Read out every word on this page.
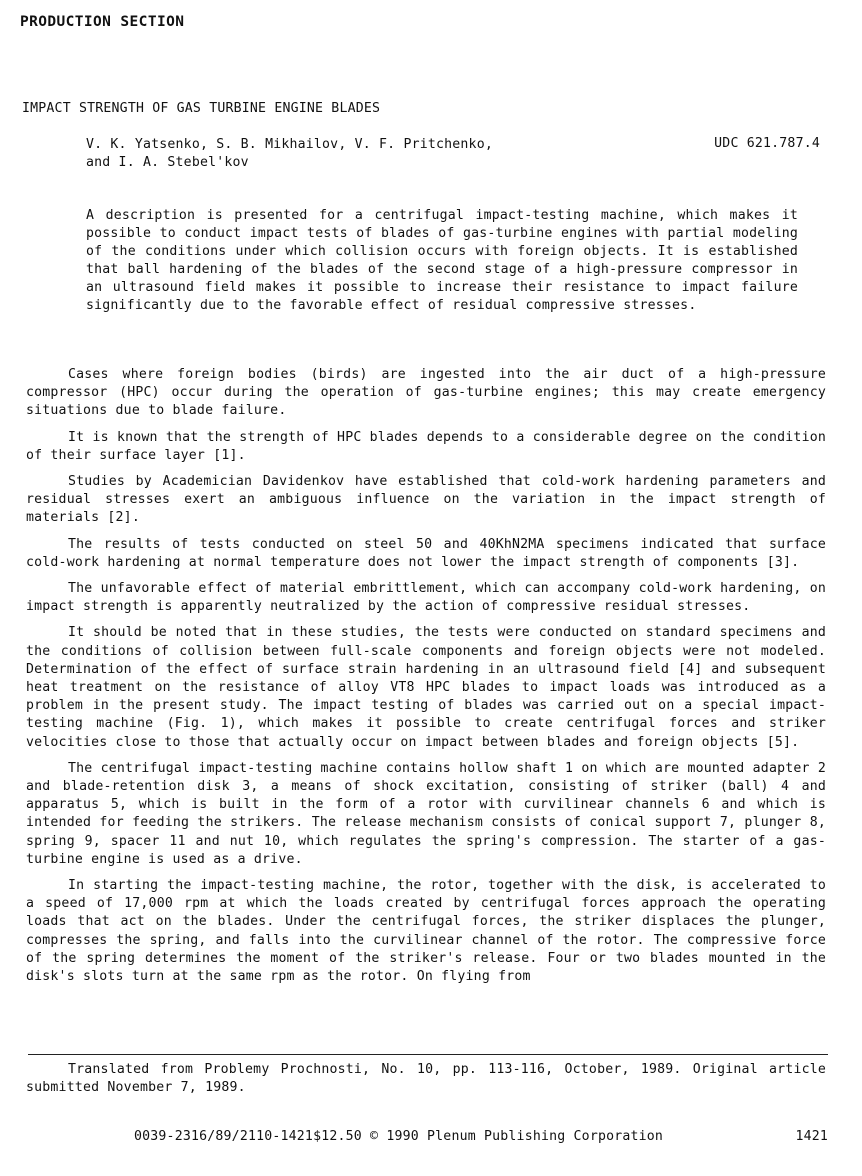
PRODUCTION SECTION
IMPACT STRENGTH OF GAS TURBINE ENGINE BLADES
V. K. Yatsenko, S. B. Mikhailov, V. F. Pritchenko,
and I. A. Stebel'kov
UDC 621.787.4
A description is presented for a centrifugal impact-testing machine, which makes it possible to conduct impact tests of blades of gas-turbine engines with partial modeling of the conditions under which collision occurs with foreign objects. It is established that ball hardening of the blades of the second stage of a high-pressure compressor in an ultrasound field makes it possible to increase their resistance to impact failure significantly due to the favorable effect of residual compressive stresses.

Cases where foreign bodies (birds) are ingested into the air duct of a high-pressure compressor (HPC) occur during the operation of gas-turbine engines; this may create emergency situations due to blade failure.

It is known that the strength of HPC blades depends to a considerable degree on the condition of their surface layer [1].

Studies by Academician Davidenkov have established that cold-work hardening parameters and residual stresses exert an ambiguous influence on the variation in the impact strength of materials [2].

The results of tests conducted on steel 50 and 40KhN2MA specimens indicated that surface cold-work hardening at normal temperature does not lower the impact strength of components [3].

The unfavorable effect of material embrittlement, which can accompany cold-work hardening, on impact strength is apparently neutralized by the action of compressive residual stresses.

It should be noted that in these studies, the tests were conducted on standard specimens and the conditions of collision between full-scale components and foreign objects were not modeled. Determination of the effect of surface strain hardening in an ultrasound field [4] and subsequent heat treatment on the resistance of alloy VT8 HPC blades to impact loads was introduced as a problem in the present study. The impact testing of blades was carried out on a special impact-testing machine (Fig. 1), which makes it possible to create centrifugal forces and striker velocities close to those that actually occur on impact between blades and foreign objects [5].

The centrifugal impact-testing machine contains hollow shaft 1 on which are mounted adapter 2 and blade-retention disk 3, a means of shock excitation, consisting of striker (ball) 4 and apparatus 5, which is built in the form of a rotor with curvilinear channels 6 and which is intended for feeding the strikers. The release mechanism consists of conical support 7, plunger 8, spring 9, spacer 11 and nut 10, which regulates the spring's compression. The starter of a gas-turbine engine is used as a drive.

In starting the impact-testing machine, the rotor, together with the disk, is accelerated to a speed of 17,000 rpm at which the loads created by centrifugal forces approach the operating loads that act on the blades. Under the centrifugal forces, the striker displaces the plunger, compresses the spring, and falls into the curvilinear channel of the rotor. The compressive force of the spring determines the moment of the striker's release. Four or two blades mounted in the disk's slots turn at the same rpm as the rotor. On flying from

Translated from Problemy Prochnosti, No. 10, pp. 113-116, October, 1989. Original article submitted November 7, 1989.

0039-2316/89/2110-1421$12.50 © 1990 Plenum Publishing Corporation	1421
